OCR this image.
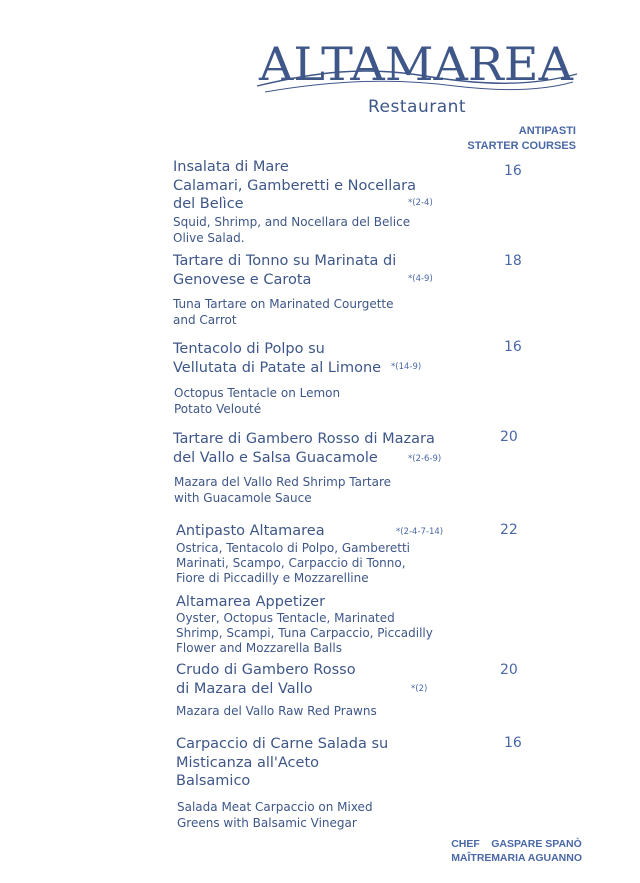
ALTAMAREA
Restaurant
ANTIPASTI
STARTER COURSES
Insalata di Mare
Calamari, Gamberetti e Nocellara
del Belìce
Squid, Shrimp, and Nocellara del Belice
Olive Salad.
*(2-4)
16
Tartare di Tonno su Marinata di
Genovese e Carota
Tuna Tartare on Marinated Courgette
and Carrot
*(4-9)
18
Tentacolo di Polpo su
Vellutata di Patate al Limone
Octopus Tentacle on Lemon
Potato Velouté
*(14-9)
16
Tartare di Gambero Rosso di Mazara
del Vallo e Salsa Guacamole
Mazara del Vallo Red Shrimp Tartare
with Guacamole Sauce
*(2-6-9)
20
Antipasto Altamarea
Ostrica, Tentacolo di Polpo, Gamberetti
Marinati, Scampo, Carpaccio di Tonno,
Fiore di Piccadilly e Mozzarelline
Altamarea Appetizer
Oyster, Octopus Tentacle, Marinated
Shrimp, Scampi, Tuna Carpaccio, Piccadilly
Flower and Mozzarella Balls
*(2-4-7-14)	22
Crudo di Gambero Rosso
di Mazara del Vallo
Mazara del Vallo Raw Red Prawns
*(2)
20
Carpaccio di Carne Salada su
Misticanza all'Aceto
Balsamico
Salada Meat Carpaccio on Mixed
Greens with Balsamic Vinegar
16
CHEF GASPARE SPANÒ
MAÎTREMARIA AGUANNO
